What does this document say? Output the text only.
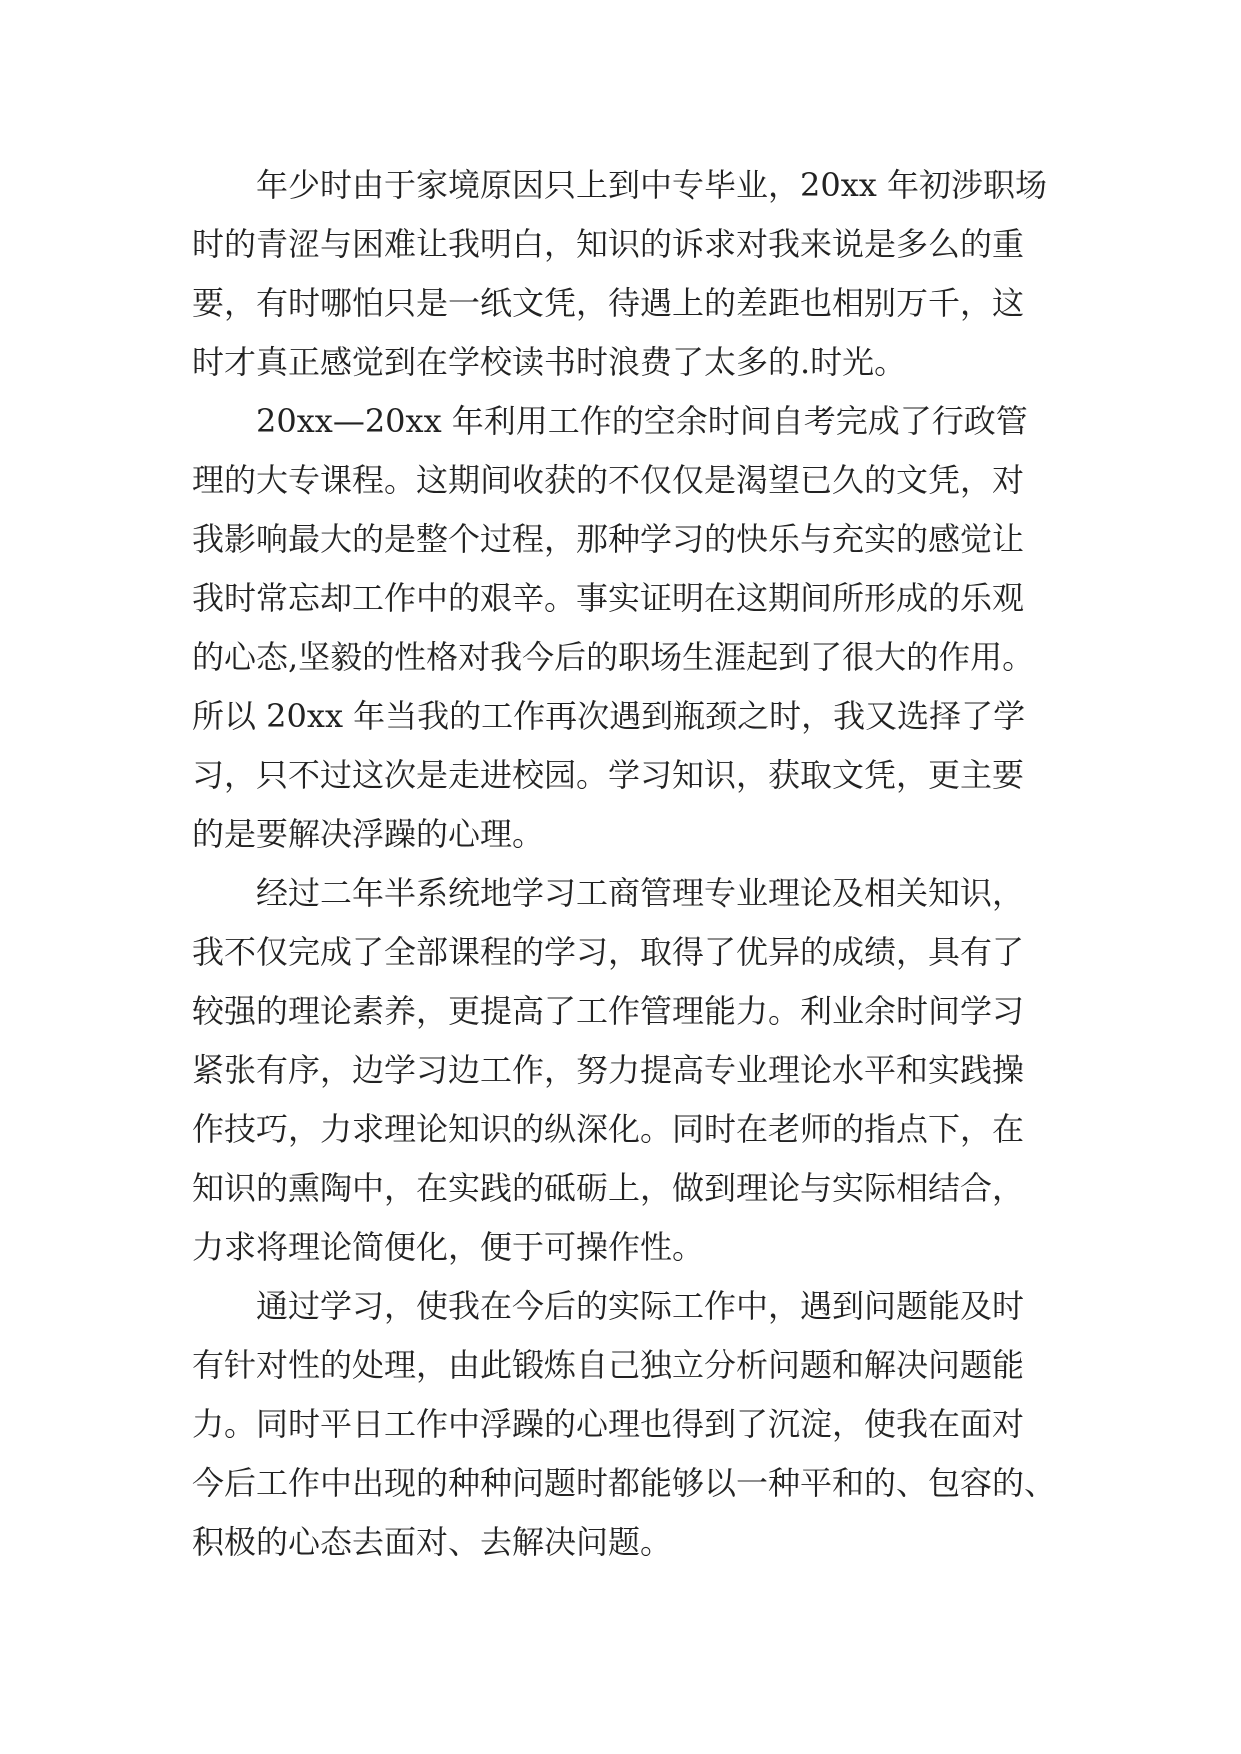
年少时由于家境原因只上到中专毕业，20xx 年初涉职场
时的青涩与困难让我明白，知识的诉求对我来说是多么的重
要，有时哪怕只是一纸文凭，待遇上的差距也相别万千，这
时才真正感觉到在学校读书时浪费了太多的.时光。
20xx—20xx 年利用工作的空余时间自考完成了行政管
理的大专课程。这期间收获的不仅仅是渴望已久的文凭，对
我影响最大的是整个过程，那种学习的快乐与充实的感觉让
我时常忘却工作中的艰辛。事实证明在这期间所形成的乐观
的心态,坚毅的性格对我今后的职场生涯起到了很大的作用。
所以 20xx 年当我的工作再次遇到瓶颈之时，我又选择了学
习，只不过这次是走进校园。学习知识，获取文凭，更主要
的是要解决浮躁的心理。
经过二年半系统地学习工商管理专业理论及相关知识，
我不仅完成了全部课程的学习，取得了优异的成绩，具有了
较强的理论素养，更提高了工作管理能力。利业余时间学习
紧张有序，边学习边工作，努力提高专业理论水平和实践操
作技巧，力求理论知识的纵深化。同时在老师的指点下，在
知识的熏陶中，在实践的砥砺上，做到理论与实际相结合，
力求将理论简便化，便于可操作性。
通过学习，使我在今后的实际工作中，遇到问题能及时
有针对性的处理，由此锻炼自己独立分析问题和解决问题能
力。同时平日工作中浮躁的心理也得到了沉淀，使我在面对
今后工作中出现的种种问题时都能够以一种平和的、包容的、
积极的心态去面对、去解决问题。
